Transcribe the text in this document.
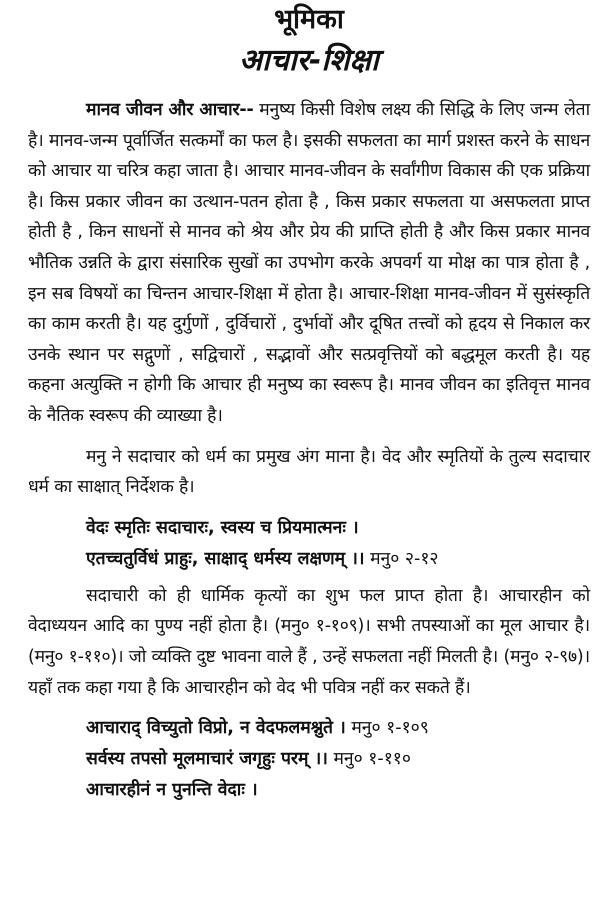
भूमिका
आचार-शिक्षा

मानव जीवन और आचार-- मनुष्य किसी विशेष लक्ष्य की सिद्धि के लिए जन्म लेता है। मानव-जन्म पूर्वार्जित सत्कर्मों का फल है। इसकी सफलता का मार्ग प्रशस्त करने के साधन को आचार या चरित्र कहा जाता है। आचार मानव-जीवन के सर्वांगीण विकास की एक प्रक्रिया है। किस प्रकार जीवन का उत्थान-पतन होता है , किस प्रकार सफलता या असफलता प्राप्त होती है , किन साधनों से मानव को श्रेय और प्रेय की प्राप्ति होती है और किस प्रकार मानव भौतिक उन्नति के द्वारा संसारिक सुखों का उपभोग करके अपवर्ग या मोक्ष का पात्र होता है , इन सब विषयों का चिन्तन आचार-शिक्षा में होता है। आचार-शिक्षा मानव-जीवन में सुसंस्कृति का काम करती है। यह दुर्गुणों , दुर्विचारों , दुर्भावों और दूषित तत्त्वों को हृदय से निकाल कर उनके स्थान पर सद्गुणों , सद्विचारों , सद्भावों और सत्प्रवृत्तियों को बद्धमूल करती है। यह कहना अत्युक्ति न होगी कि आचार ही मनुष्य का स्वरूप है। मानव जीवन का इतिवृत्त मानव के नैतिक स्वरूप की व्याख्या है।

मनु ने सदाचार को धर्म का प्रमुख अंग माना है। वेद और स्मृतियों के तुल्य सदाचार धर्म का साक्षात् निर्देशक है।

वेदः स्मृतिः सदाचारः, स्वस्य च प्रियमात्मनः ।
एतच्चतुर्विधं प्राहुः, साक्षाद् धर्मस्य लक्षणम् ।। मनु० २-१२

सदाचारी को ही धार्मिक कृत्यों का शुभ फल प्राप्त होता है। आचारहीन को वेदाध्ययन आदि का पुण्य नहीं होता है। (मनु० १-१०९)। सभी तपस्याओं का मूल आचार है। (मनु० १-११०)। जो व्यक्ति दुष्ट भावना वाले हैं , उन्हें सफलता नहीं मिलती है। (मनु० २-९७)। यहाँ तक कहा गया है कि आचारहीन को वेद भी पवित्र नहीं कर सकते हैं।

आचाराद् विच्युतो विप्रो, न वेदफलमश्नुते । मनु० १-१०९
सर्वस्य तपसो मूलमाचारं जगृहुः परम् ।। मनु० १-११०
आचारहीनं न पुनन्ति वेदाः ।
